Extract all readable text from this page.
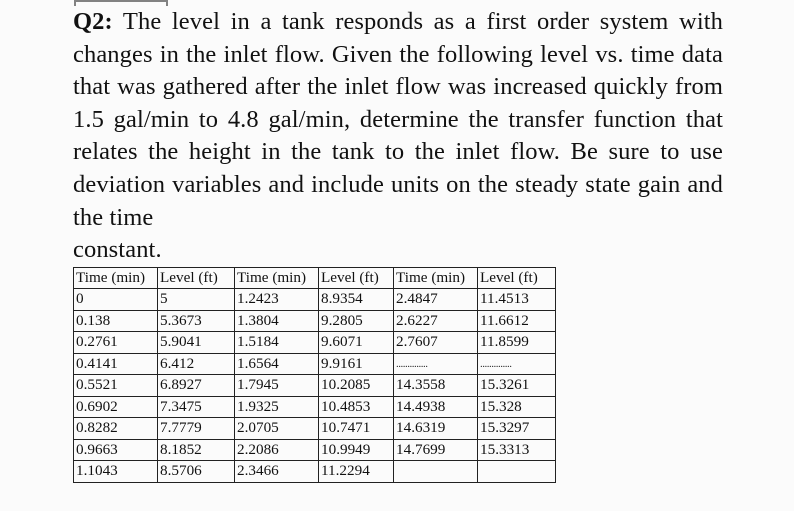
Q2: The level in a tank responds as a first order system with changes in the inlet flow. Given the following level vs. time data that was gathered after the inlet flow was increased quickly from 1.5 gal/min to 4.8 gal/min, determine the transfer function that relates the height in the tank to the inlet flow. Be sure to use deviation variables and include units on the steady state gain and the time
constant.
Time (min)	Level (ft)	Time (min)	Level (ft)	Time (min)	Level (ft)
0	5	1.2423	8.9354	2.4847	11.4513
0.138	5.3673	1.3804	9.2805	2.6227	11.6612
0.2761	5.9041	1.5184	9.6071	2.7607	11.8599
0.4141	6.412	1.6564	9.9161	..............	..............
0.5521	6.8927	1.7945	10.2085	14.3558	15.3261
0.6902	7.3475	1.9325	10.4853	14.4938	15.328
0.8282	7.7779	2.0705	10.7471	14.6319	15.3297
0.9663	8.1852	2.2086	10.9949	14.7699	15.3313
1.1043	8.5706	2.3466	11.2294		
